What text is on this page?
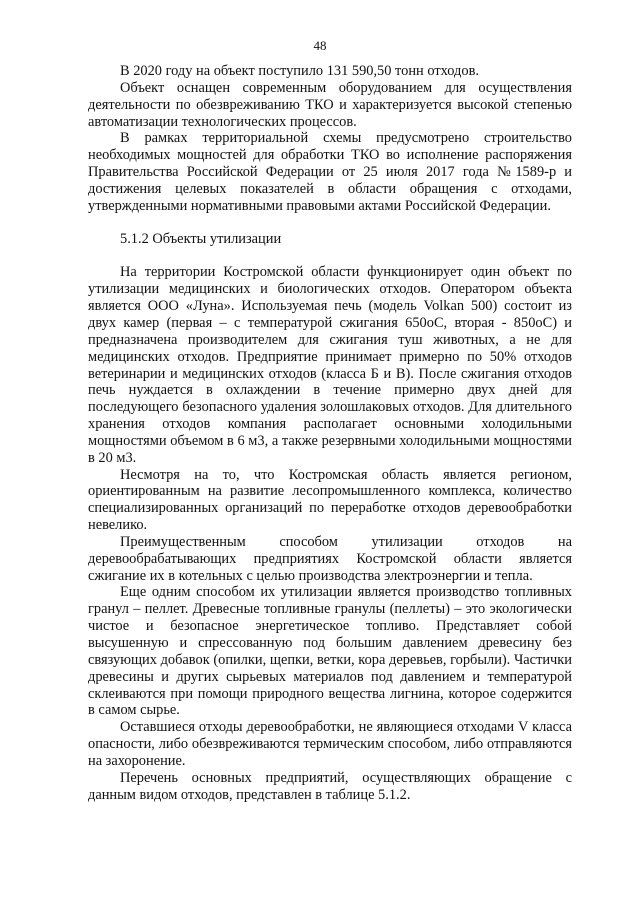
48

В 2020 году на объект поступило 131 590,50 тонн отходов.

Объект оснащен современным оборудованием для осуществления деятельности по обезвреживанию ТКО и характеризуется высокой степенью автоматизации технологических процессов.

В рамках территориальной схемы предусмотрено строительство необходимых мощностей для обработки ТКО во исполнение распоряжения Правительства Российской Федерации от 25 июля 2017 года №1589-р и достижения целевых показателей в области обращения с отходами, утвержденными нормативными правовыми актами Российской Федерации.

5.1.2 Объекты утилизации

На территории Костромской области функционирует один объект по утилизации медицинских и биологических отходов. Оператором объекта является ООО «Луна». Используемая печь (модель Volkan 500) состоит из двух камер (первая – с температурой сжигания 650оС, вторая - 850оС) и предназначена производителем для сжигания туш животных, а не для медицинских отходов. Предприятие принимает примерно по 50% отходов ветеринарии и медицинских отходов (класса Б и В). После сжигания отходов печь нуждается в охлаждении в течение примерно двух дней для последующего безопасного удаления золошлаковых отходов. Для длительного хранения отходов компания располагает основными холодильными мощностями объемом в 6 м3, а также резервными холодильными мощностями в 20 м3.

Несмотря на то, что Костромская область является регионом, ориентированным на развитие лесопромышленного комплекса, количество специализированных организаций по переработке отходов деревообработки невелико.

Преимущественным способом утилизации отходов на деревообрабатывающих предприятиях Костромской области является сжигание их в котельных с целью производства электроэнергии и тепла.

Еще одним способом их утилизации является производство топливных гранул – пеллет. Древесные топливные гранулы (пеллеты) – это экологически чистое и безопасное энергетическое топливо. Представляет собой высушенную и спрессованную под большим давлением древесину без связующих добавок (опилки, щепки, ветки, кора деревьев, горбыли). Частички древесины и других сырьевых материалов под давлением и температурой склеиваются при помощи природного вещества лигнина, которое содержится в самом сырье.

Оставшиеся отходы деревообработки, не являющиеся отходами V класса опасности, либо обезвреживаются термическим способом, либо отправляются на захоронение.

Перечень основных предприятий, осуществляющих обращение с данным видом отходов, представлен в таблице 5.1.2.
